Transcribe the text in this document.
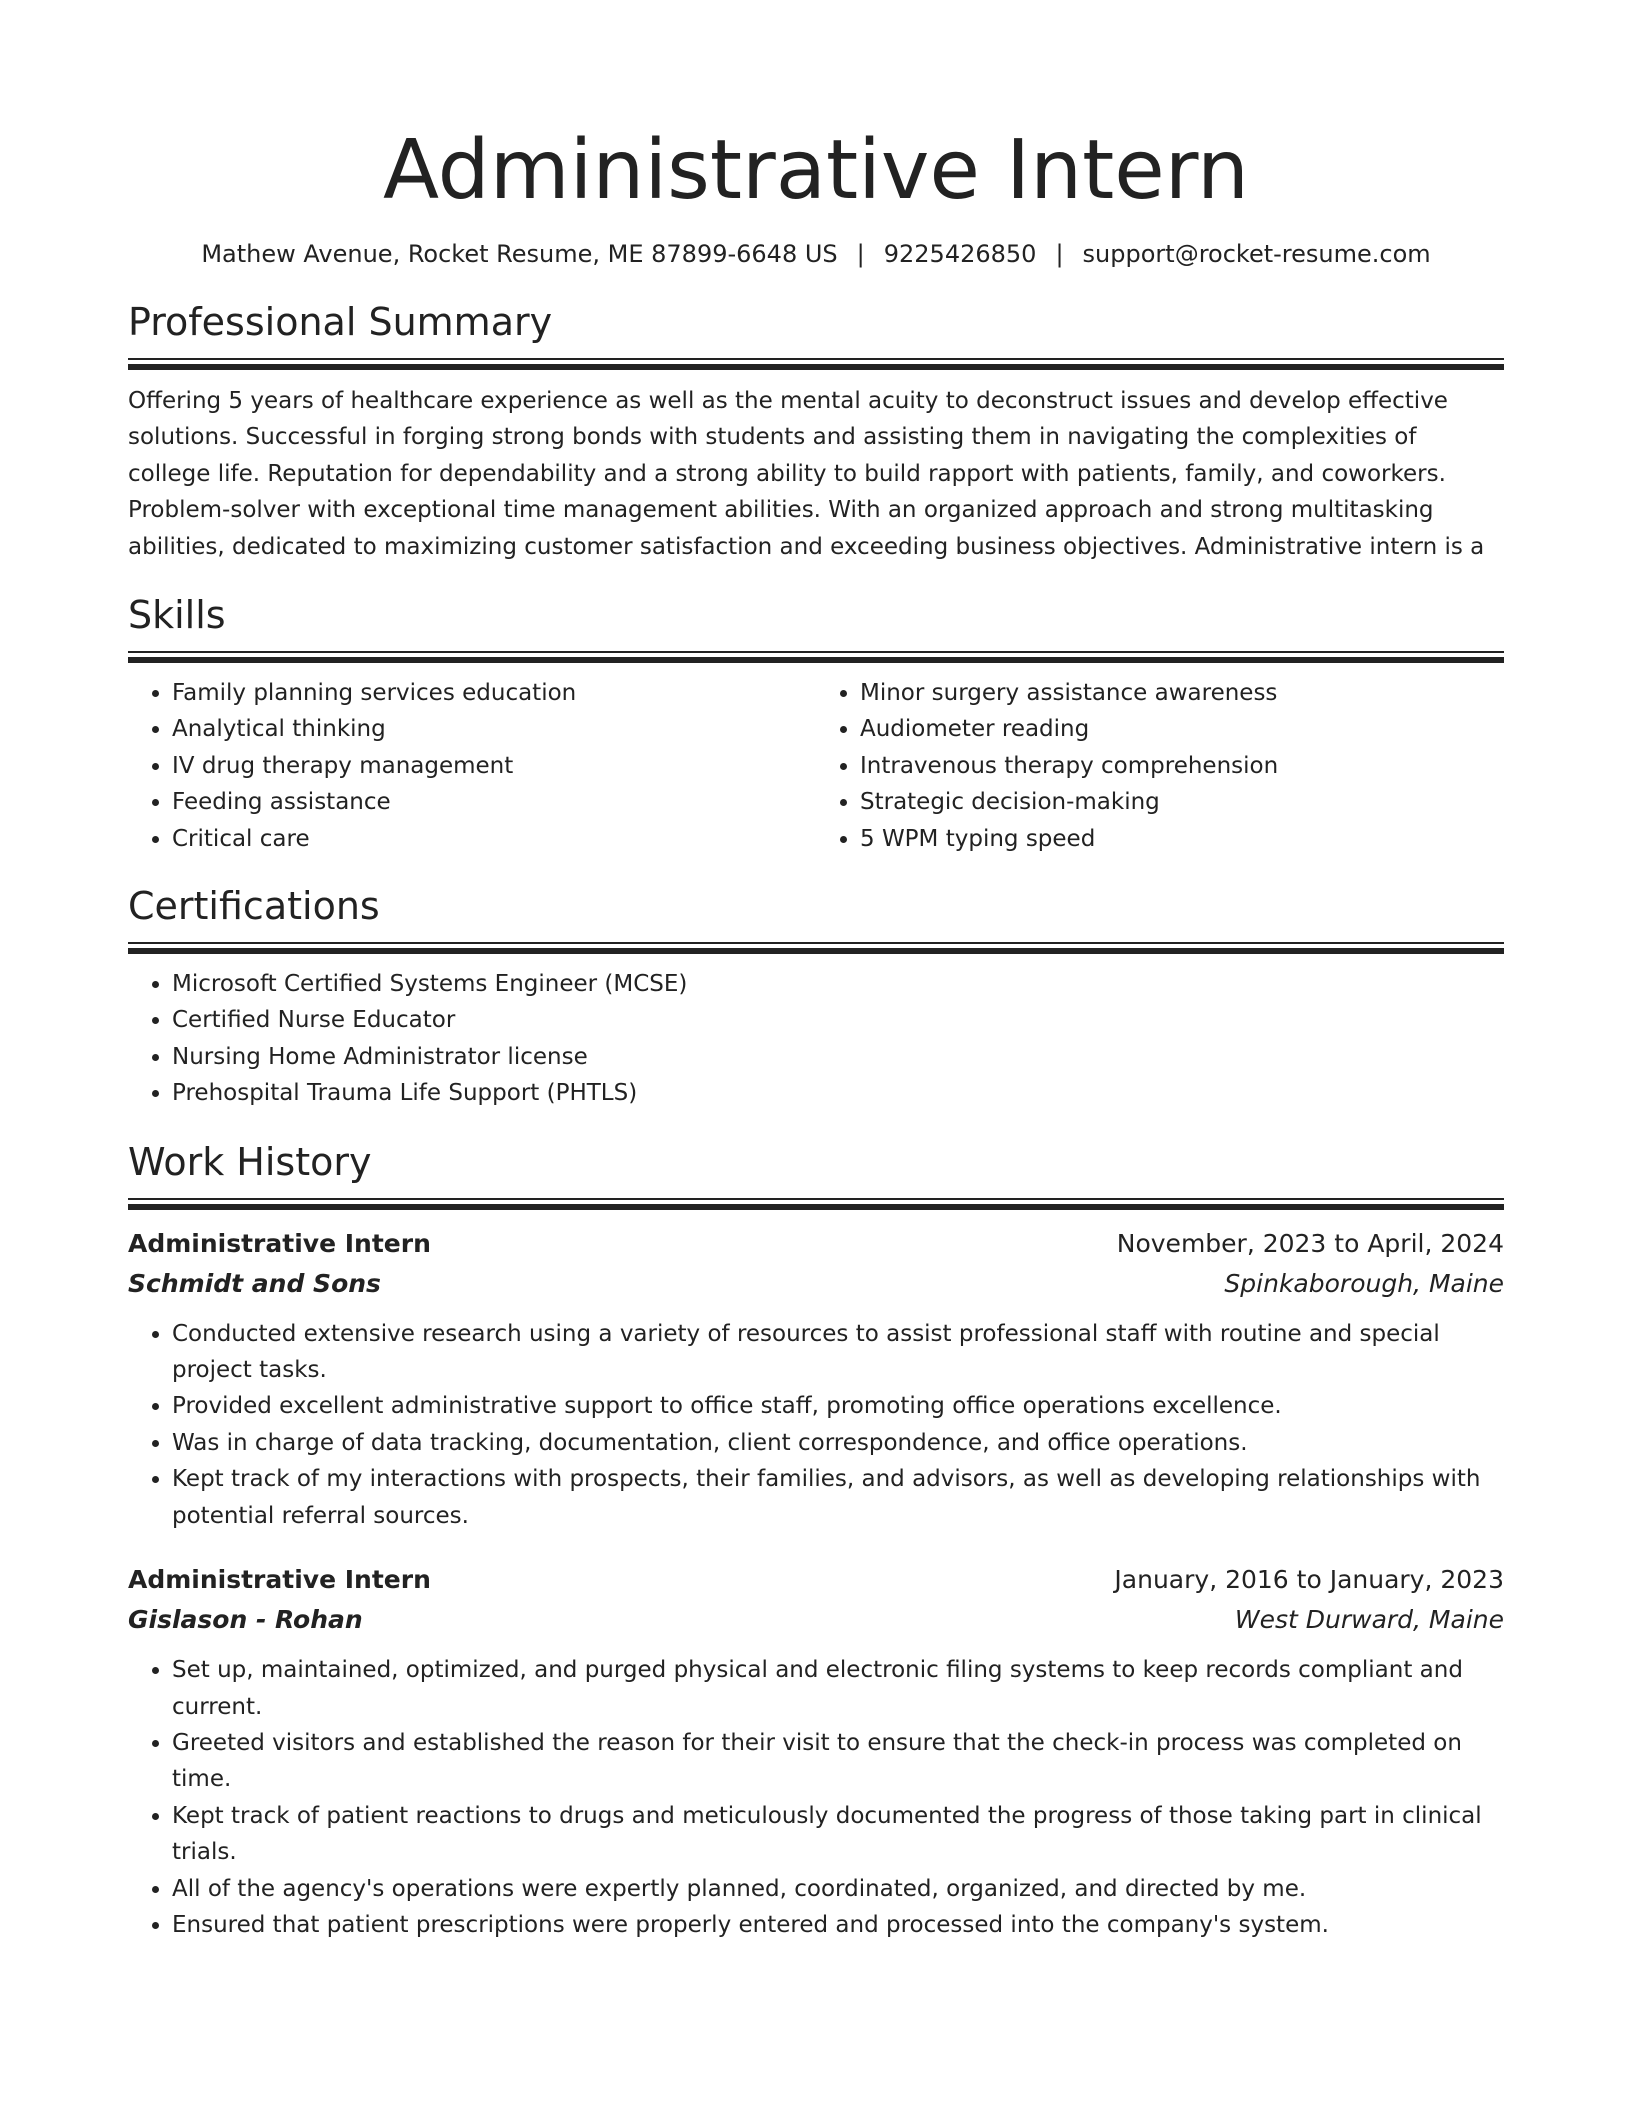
Administrative Intern
Mathew Avenue, Rocket Resume, ME 87899-6648 US | 9225426850 | support@rocket-resume.com
Professional Summary
Offering 5 years of healthcare experience as well as the mental acuity to deconstruct issues and develop effective solutions. Successful in forging strong bonds with students and assisting them in navigating the complexities of college life. Reputation for dependability and a strong ability to build rapport with patients, family, and coworkers. Problem-solver with exceptional time management abilities. With an organized approach and strong multitasking abilities, dedicated to maximizing customer satisfaction and exceeding business objectives. Administrative intern is a
Skills
• Family planning services education
• Analytical thinking
• IV drug therapy management
• Feeding assistance
• Critical care
• Minor surgery assistance awareness
• Audiometer reading
• Intravenous therapy comprehension
• Strategic decision-making
• 5 WPM typing speed
Certifications
• Microsoft Certified Systems Engineer (MCSE)
• Certified Nurse Educator
• Nursing Home Administrator license
• Prehospital Trauma Life Support (PHTLS)
Work History
Administrative Intern	November, 2023 to April, 2024
Schmidt and Sons	Spinkaborough, Maine
• Conducted extensive research using a variety of resources to assist professional staff with routine and special project tasks.
• Provided excellent administrative support to office staff, promoting office operations excellence.
• Was in charge of data tracking, documentation, client correspondence, and office operations.
• Kept track of my interactions with prospects, their families, and advisors, as well as developing relationships with potential referral sources.
Administrative Intern	January, 2016 to January, 2023
Gislason - Rohan	West Durward, Maine
• Set up, maintained, optimized, and purged physical and electronic filing systems to keep records compliant and current.
• Greeted visitors and established the reason for their visit to ensure that the check-in process was completed on time.
• Kept track of patient reactions to drugs and meticulously documented the progress of those taking part in clinical trials.
• All of the agency's operations were expertly planned, coordinated, organized, and directed by me.
• Ensured that patient prescriptions were properly entered and processed into the company's system.
